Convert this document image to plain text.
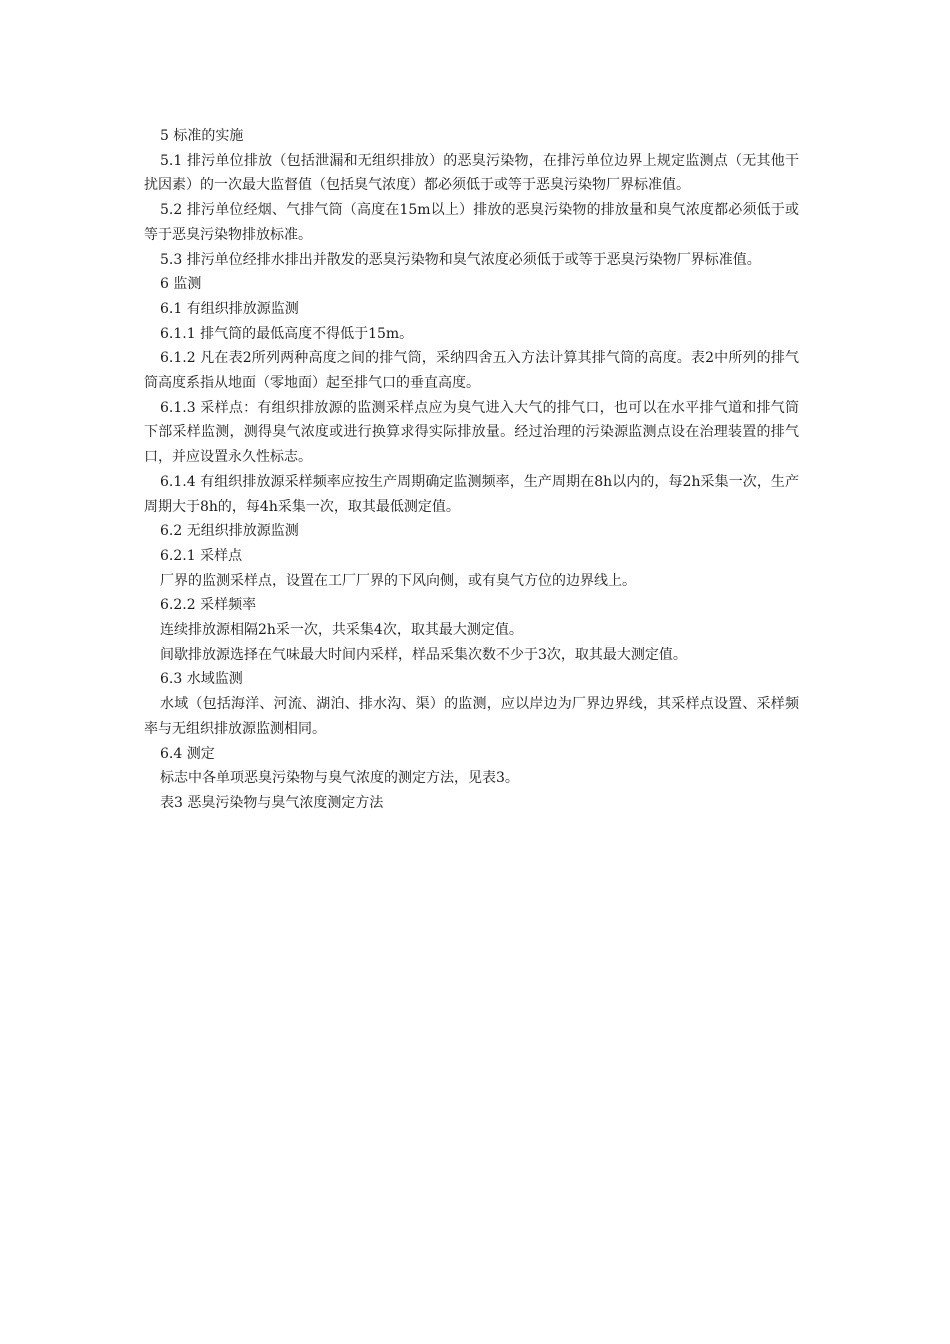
5 标准的实施

5.1 排污单位排放（包括泄漏和无组织排放）的恶臭污染物，在排污单位边界上规定监测点（无其他干扰因素）的一次最大监督值（包括臭气浓度）都必须低于或等于恶臭污染物厂界标准值。

5.2 排污单位经烟、气排气筒（高度在15m以上）排放的恶臭污染物的排放量和臭气浓度都必须低于或等于恶臭污染物排放标准。

5.3 排污单位经排水排出并散发的恶臭污染物和臭气浓度必须低于或等于恶臭污染物厂界标准值。

6 监测

6.1 有组织排放源监测

6.1.1 排气筒的最低高度不得低于15m。

6.1.2 凡在表2所列两种高度之间的排气筒，采纳四舍五入方法计算其排气筒的高度。表2中所列的排气筒高度系指从地面（零地面）起至排气口的垂直高度。

6.1.3 采样点：有组织排放源的监测采样点应为臭气进入大气的排气口，也可以在水平排气道和排气筒下部采样监测，测得臭气浓度或进行换算求得实际排放量。经过治理的污染源监测点设在治理装置的排气口，并应设置永久性标志。

6.1.4 有组织排放源采样频率应按生产周期确定监测频率，生产周期在8h以内的，每2h采集一次，生产周期大于8h的，每4h采集一次，取其最低测定值。

6.2 无组织排放源监测

6.2.1 采样点

厂界的监测采样点，设置在工厂厂界的下风向侧，或有臭气方位的边界线上。

6.2.2 采样频率

连续排放源相隔2h采一次，共采集4次，取其最大测定值。

间歇排放源选择在气味最大时间内采样，样品采集次数不少于3次，取其最大测定值。

6.3 水域监测

水域（包括海洋、河流、湖泊、排水沟、渠）的监测，应以岸边为厂界边界线，其采样点设置、采样频率与无组织排放源监测相同。

6.4 测定

标志中各单项恶臭污染物与臭气浓度的测定方法，见表3。

表3 恶臭污染物与臭气浓度测定方法
